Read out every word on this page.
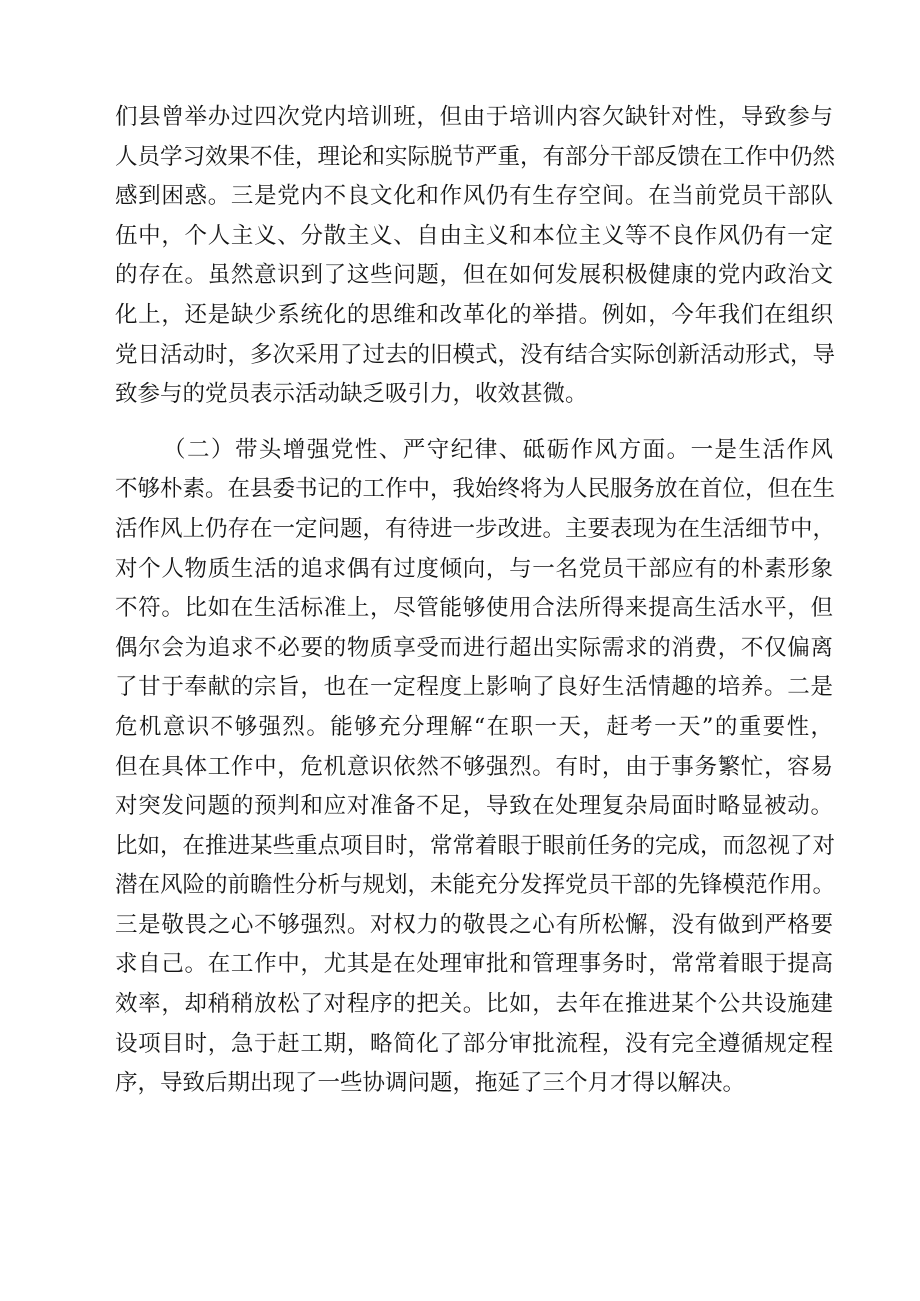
们县曾举办过四次党内培训班，但由于培训内容欠缺针对性，导致参与
人员学习效果不佳，理论和实际脱节严重，有部分干部反馈在工作中仍然
感到困惑。三是党内不良文化和作风仍有生存空间。在当前党员干部队
伍中，个人主义、分散主义、自由主义和本位主义等不良作风仍有一定
的存在。虽然意识到了这些问题，但在如何发展积极健康的党内政治文
化上，还是缺少系统化的思维和改革化的举措。例如，今年我们在组织
党日活动时，多次采用了过去的旧模式，没有结合实际创新活动形式，导
致参与的党员表示活动缺乏吸引力，收效甚微。

（二）带头增强党性、严守纪律、砥砺作风方面。一是生活作风
不够朴素。在县委书记的工作中，我始终将为人民服务放在首位，但在生
活作风上仍存在一定问题，有待进一步改进。主要表现为在生活细节中，
对个人物质生活的追求偶有过度倾向，与一名党员干部应有的朴素形象
不符。比如在生活标准上，尽管能够使用合法所得来提高生活水平，但
偶尔会为追求不必要的物质享受而进行超出实际需求的消费，不仅偏离
了甘于奉献的宗旨，也在一定程度上影响了良好生活情趣的培养。二是
危机意识不够强烈。能够充分理解“在职一天，赶考一天”的重要性，
但在具体工作中，危机意识依然不够强烈。有时，由于事务繁忙，容易
对突发问题的预判和应对准备不足，导致在处理复杂局面时略显被动。
比如，在推进某些重点项目时，常常着眼于眼前任务的完成，而忽视了对
潜在风险的前瞻性分析与规划，未能充分发挥党员干部的先锋模范作用。
三是敬畏之心不够强烈。对权力的敬畏之心有所松懈，没有做到严格要
求自己。在工作中，尤其是在处理审批和管理事务时，常常着眼于提高
效率，却稍稍放松了对程序的把关。比如，去年在推进某个公共设施建
设项目时，急于赶工期，略简化了部分审批流程，没有完全遵循规定程
序，导致后期出现了一些协调问题，拖延了三个月才得以解决。
